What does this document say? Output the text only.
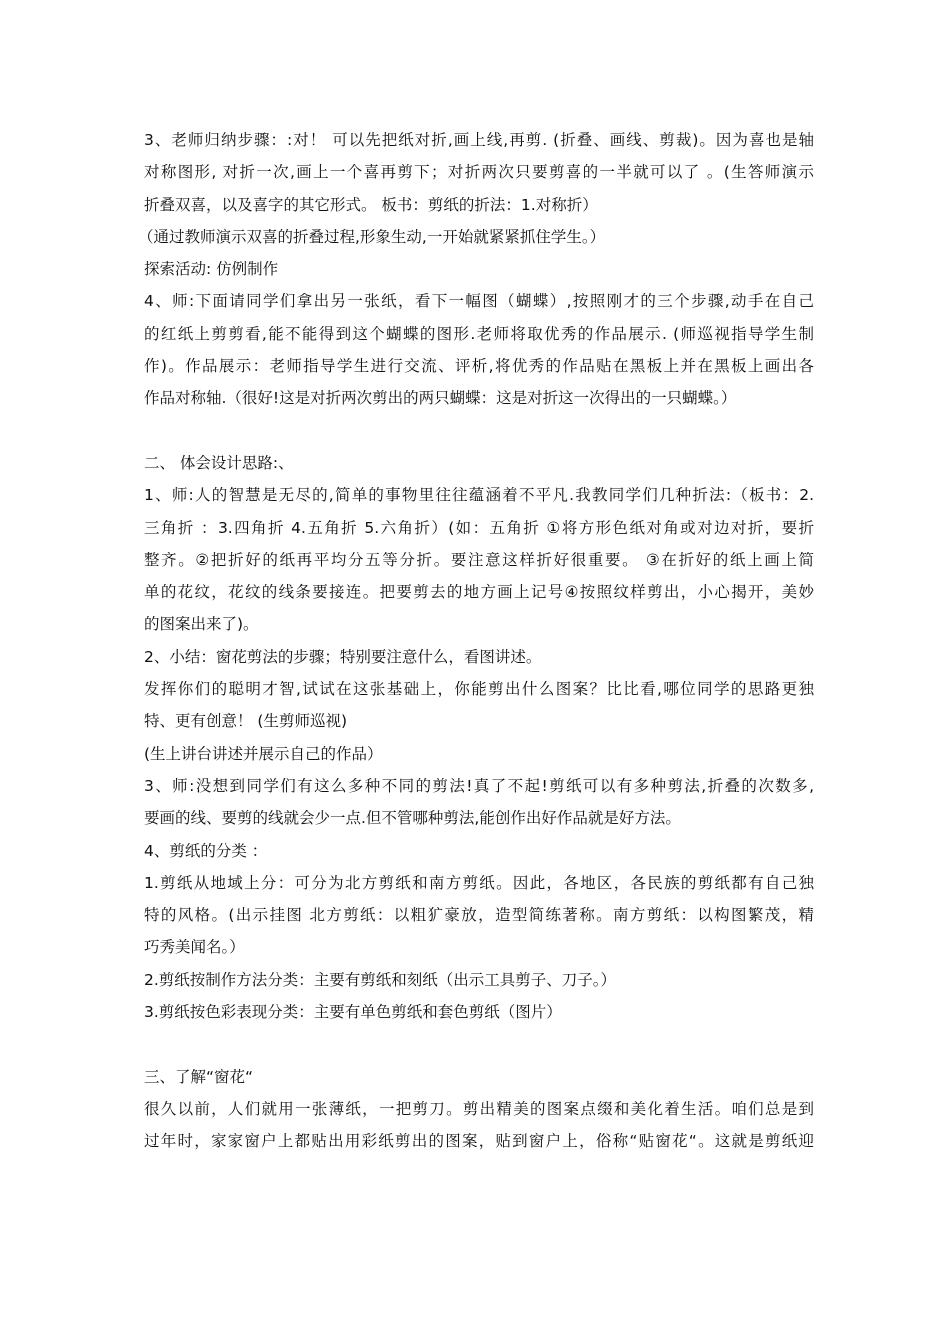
3、老师归纳步骤：:对！ 可以先把纸对折,画上线,再剪. (折叠、画线、剪裁)。因为喜也是轴

对称图形, 对折一次,画上一个喜再剪下；对折两次只要剪喜的一半就可以了 。(生答师演示

折叠双喜，以及喜字的其它形式。 板书：剪纸的折法：1.对称折）

（通过教师演示双喜的折叠过程,形象生动,一开始就紧紧抓住学生。）

探索活动: 仿例制作

4、师:下面请同学们拿出另一张纸，看下一幅图（蝴蝶）,按照刚才的三个步骤,动手在自己

的红纸上剪剪看,能不能得到这个蝴蝶的图形.老师将取优秀的作品展示. (师巡视指导学生制

作)。作品展示：老师指导学生进行交流、评析,将优秀的作品贴在黑板上并在黑板上画出各

作品对称轴.（很好!这是对折两次剪出的两只蝴蝶：这是对折这一次得出的一只蝴蝶。）

二、 体会设计思路:、

1、师:人的智慧是无尽的,简单的事物里往往蕴涵着不平凡.我教同学们几种折法:（板书：2.

三角折 ：3.四角折 4.五角折 5.六角折）(如：五角折 ①将方形色纸对角或对边对折，要折

整齐。②把折好的纸再平均分五等分折。要注意这样折好很重要。 ③在折好的纸上画上简

单的花纹，花纹的线条要接连。把要剪去的地方画上记号④按照纹样剪出，小心揭开，美妙

的图案出来了)。

2、小结：窗花剪法的步骤；特别要注意什么，看图讲述。

发挥你们的聪明才智,试试在这张基础上，你能剪出什么图案？比比看,哪位同学的思路更独

特、更有创意！ (生剪师巡视)

(生上讲台讲述并展示自己的作品）

3、师:没想到同学们有这么多种不同的剪法!真了不起!剪纸可以有多种剪法,折叠的次数多,

要画的线、要剪的线就会少一点.但不管哪种剪法,能创作出好作品就是好方法。

4、剪纸的分类 ：

1.剪纸从地域上分：可分为北方剪纸和南方剪纸。因此，各地区，各民族的剪纸都有自己独

特的风格。(出示挂图 北方剪纸：以粗犷豪放，造型简练著称。南方剪纸：以构图繁茂，精

巧秀美闻名。）

2.剪纸按制作方法分类：主要有剪纸和刻纸（出示工具剪子、刀子。）

3.剪纸按色彩表现分类：主要有单色剪纸和套色剪纸（图片）

三、了解“窗花“

很久以前，人们就用一张薄纸，一把剪刀。剪出精美的图案点缀和美化着生活。咱们总是到

过年时，家家窗户上都贴出用彩纸剪出的图案，贴到窗户上，俗称“贴窗花“。这就是剪纸迎
